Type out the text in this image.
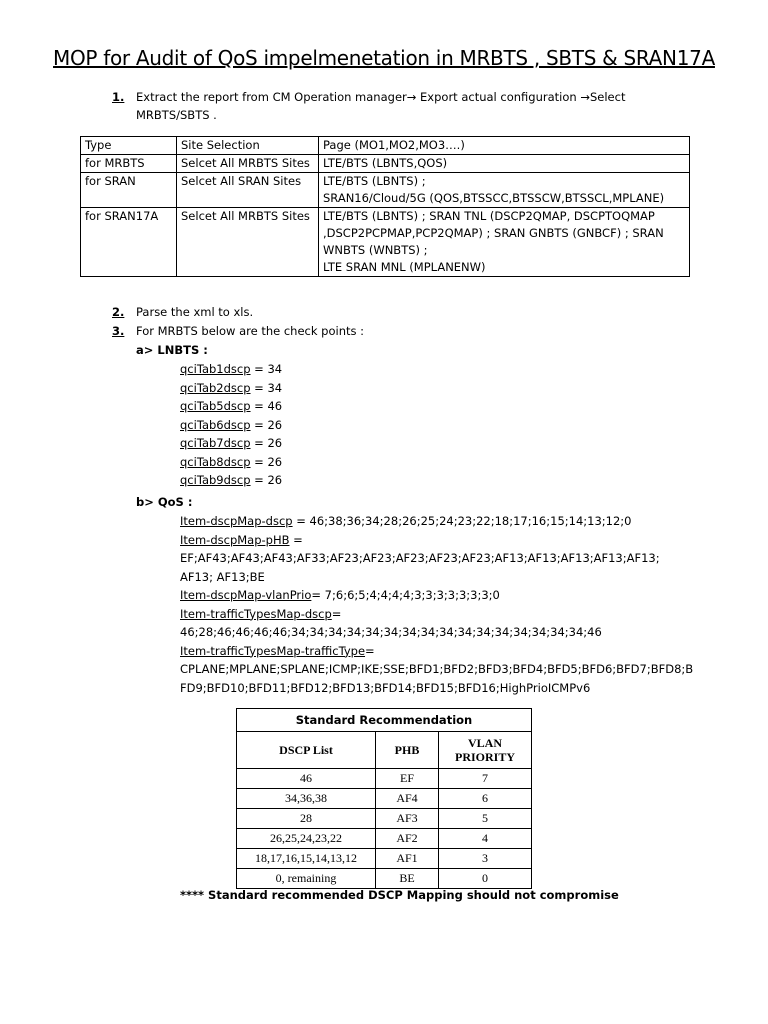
MOP for Audit of QoS impelmenetation in MRBTS , SBTS & SRAN17A
1. Extract the report from CM Operation manager→ Export actual configuration →Select
MRBTS/SBTS .
Type	Site Selection	Page (MO1,MO2,MO3….)
for MRBTS	Selcet All MRBTS Sites	LTE/BTS (LBNTS,QOS)

for SRAN	Selcet All SRAN Sites	LTE/BTS (LBNTS) ;
SRAN16/Cloud/5G (QOS,BTSSCC,BTSSCW,BTSSCL,MPLANE)

for SRAN17A	Selcet All MRBTS Sites	LTE/BTS (LBNTS) ; SRAN TNL (DSCP2QMAP, DSCPTOQMAP
,DSCP2PCPMAP,PCP2QMAP) ; SRAN GNBTS (GNBCF) ; SRAN
WNBTS (WNBTS) ;
LTE SRAN MNL (MPLANENW)
2. Parse the xml to xls.
3. For MRBTS below are the check points :
a> LNBTS :
qciTab1dscp = 34
qciTab2dscp = 34
qciTab5dscp = 46
qciTab6dscp = 26
qciTab7dscp = 26
qciTab8dscp = 26
qciTab9dscp = 26
b> QoS :
Item-dscpMap-dscp = 46;38;36;34;28;26;25;24;23;22;18;17;16;15;14;13;12;0
Item-dscpMap-pHB =
EF;AF43;AF43;AF43;AF33;AF23;AF23;AF23;AF23;AF23;AF13;AF13;AF13;AF13;AF13;
AF13; AF13;BE
Item-dscpMap-vlanPrio= 7;6;6;5;4;4;4;4;3;3;3;3;3;3;3;0
Item-trafficTypesMap-dscp=
46;28;46;46;46;46;34;34;34;34;34;34;34;34;34;34;34;34;34;34;34;34;46
Item-trafficTypesMap-trafficType=
CPLANE;MPLANE;SPLANE;ICMP;IKE;SSE;BFD1;BFD2;BFD3;BFD4;BFD5;BFD6;BFD7;BFD8;B
FD9;BFD10;BFD11;BFD12;BFD13;BFD14;BFD15;BFD16;HighPrioICMPv6
Standard Recommendation		
DSCP List	PHB	VLAN
PRIORITY
46	EF	7
34,36,38	AF4	6
28	AF3	5
26,25,24,23,22	AF2	4
18,17,16,15,14,13,12	AF1	3
0, remaining	BE	0
**** Standard recommended DSCP Mapping should not compromise
